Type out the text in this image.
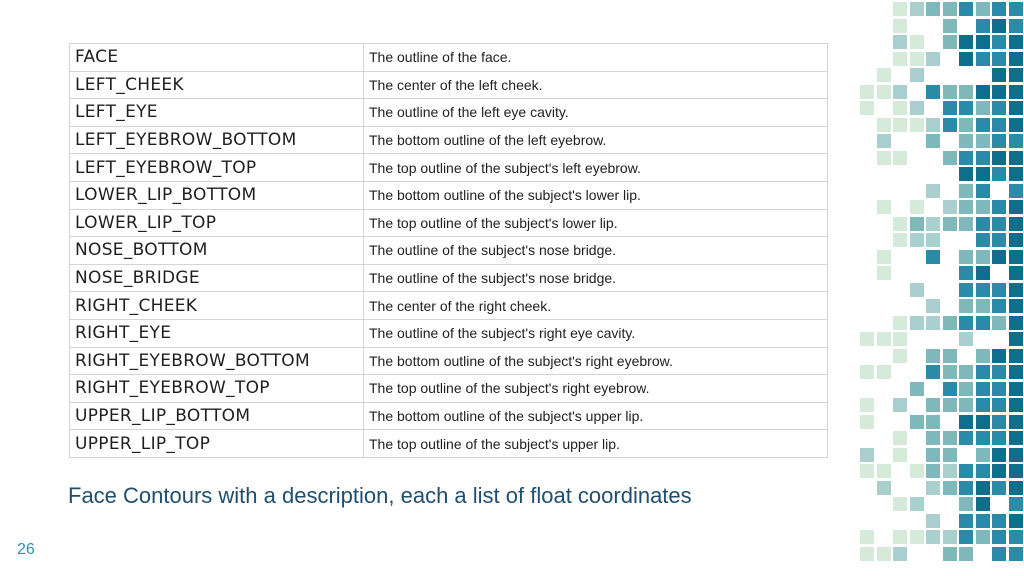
FACE	The outline of the face.
LEFT_CHEEK	The center of the left cheek.
LEFT_EYE	The outline of the left eye cavity.
LEFT_EYEBROW_BOTTOM	The bottom outline of the left eyebrow.
LEFT_EYEBROW_TOP	The top outline of the subject's left eyebrow.
LOWER_LIP_BOTTOM	The bottom outline of the subject's lower lip.
LOWER_LIP_TOP	The top outline of the subject's lower lip.
NOSE_BOTTOM	The outline of the subject's nose bridge.
NOSE_BRIDGE	The outline of the subject's nose bridge.
RIGHT_CHEEK	The center of the right cheek.
RIGHT_EYE	The outline of the subject's right eye cavity.
RIGHT_EYEBROW_BOTTOM	The bottom outline of the subject's right eyebrow.
RIGHT_EYEBROW_TOP	The top outline of the subject's right eyebrow.
UPPER_LIP_BOTTOM	The bottom outline of the subject's upper lip.
UPPER_LIP_TOP	The top outline of the subject's upper lip.
Face Contours with a description, each a list of float coordinates
26
